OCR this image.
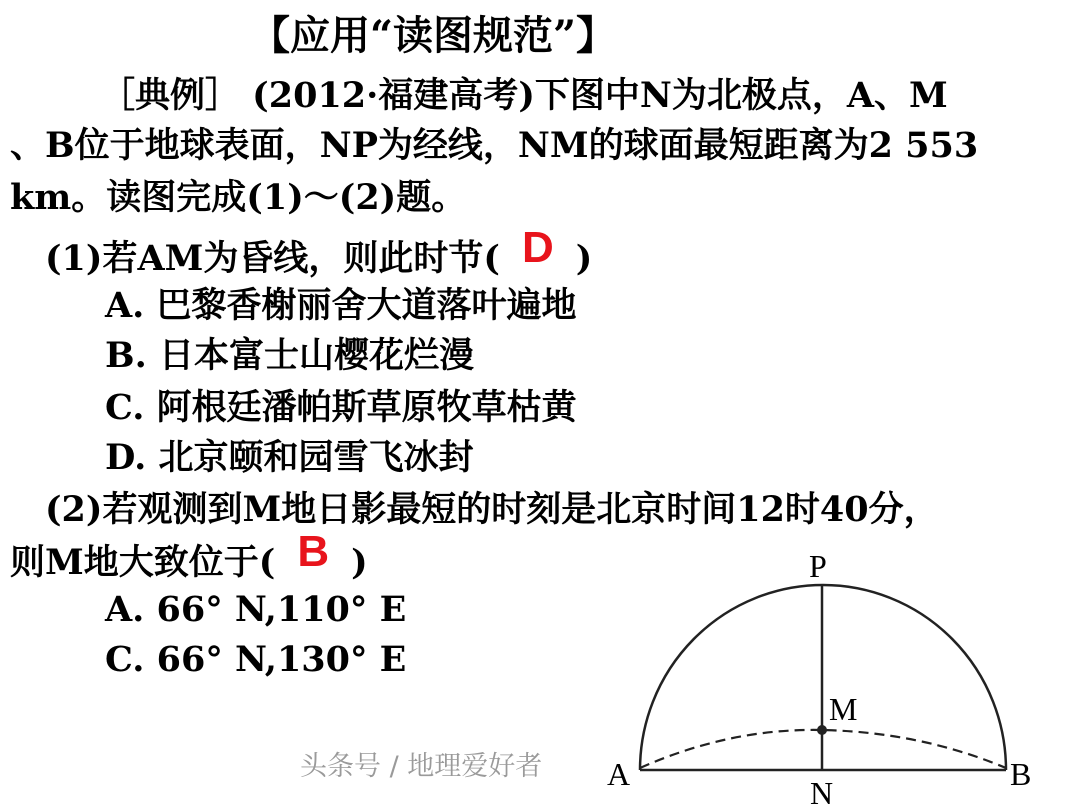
【应用“读图规范”】
［典例］ (2012·福建高考)下图中N为北极点，A、M
、B位于地球表面，NP为经线，NM的球面最短距离为2 553
km。读图完成(1)～(2)题。
(1)若AM为昏线，则此时节( D )
A. 巴黎香榭丽舍大道落叶遍地
B. 日本富士山樱花烂漫
C. 阿根廷潘帕斯草原牧草枯黄
D. 北京颐和园雪飞冰封
(2)若观测到M地日影最短的时刻是北京时间12时40分，
则M地大致位于( B )
A. 66° N,110° E
C. 66° N,130° E
P
M
A	B
N
头条号 / 地理爱好者
